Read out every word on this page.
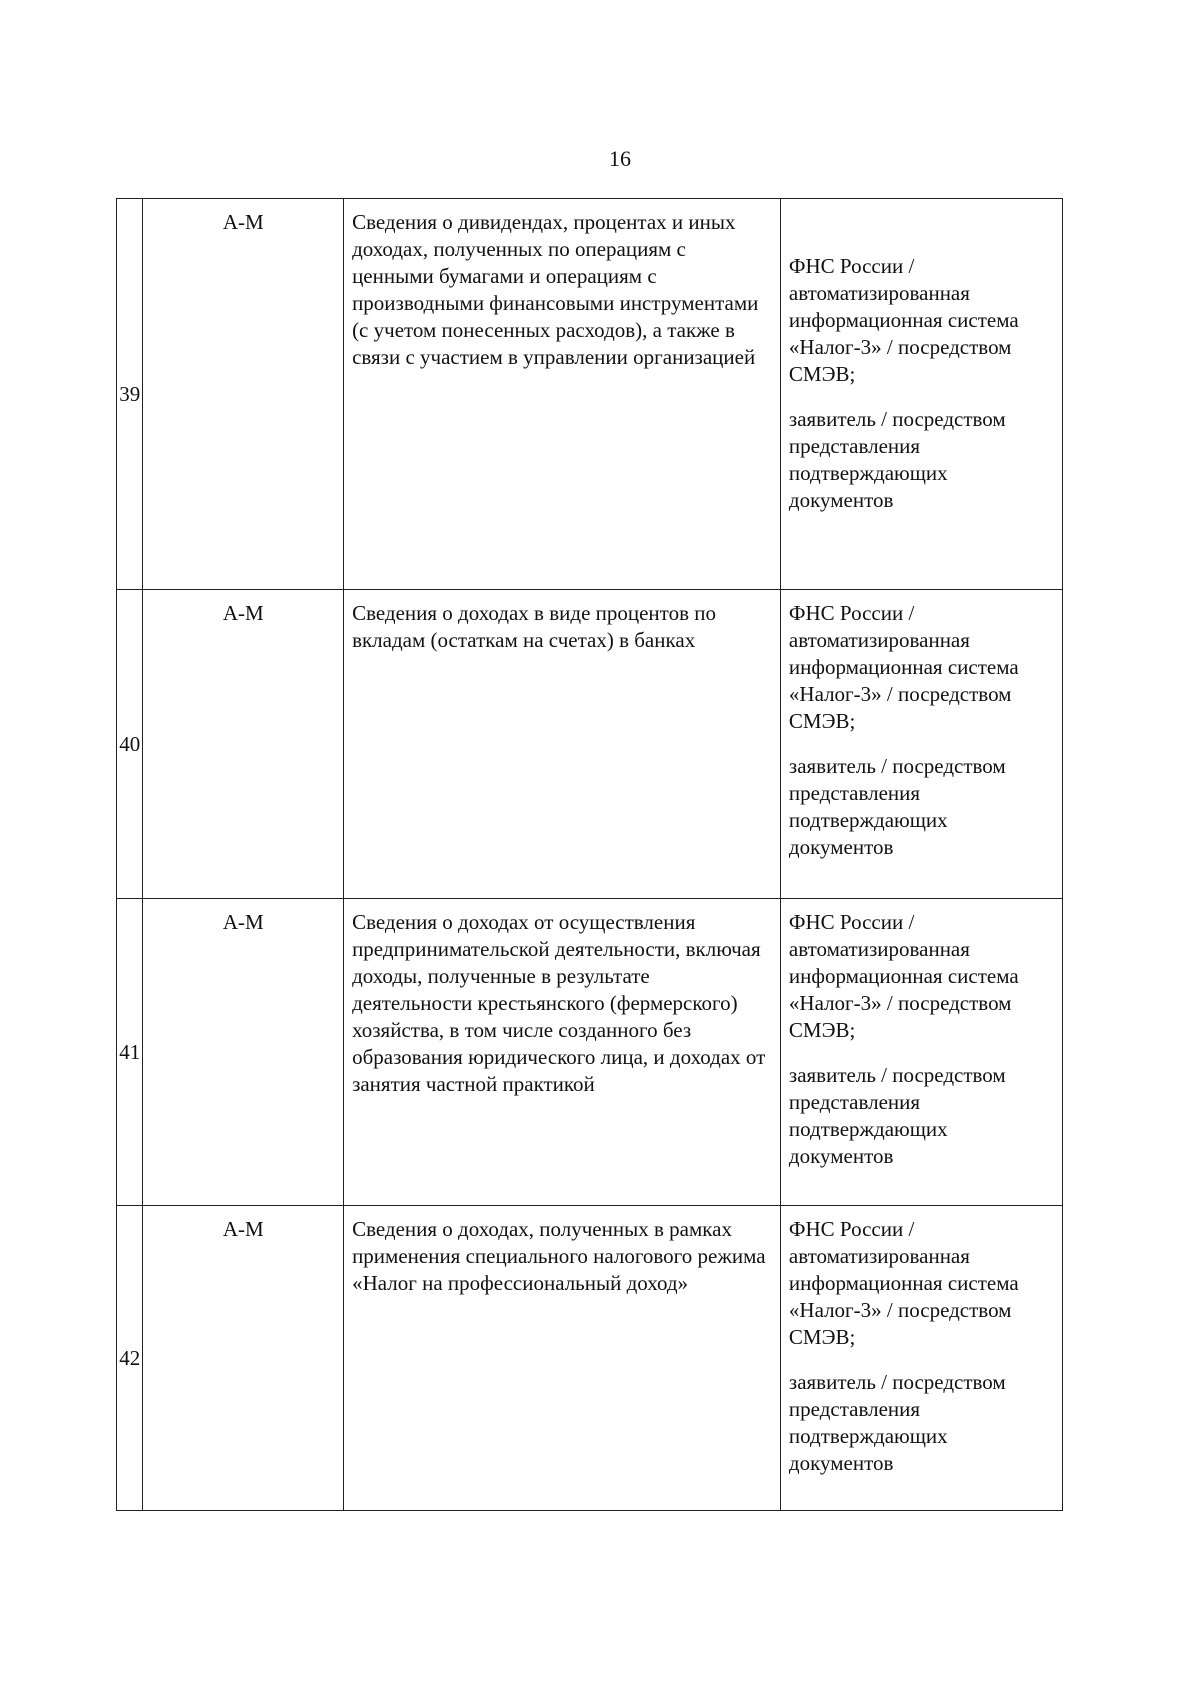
16
39	А-М	Сведения о дивидендах, процентах и иных доходах, полученных по операциям с ценными бумагами и операциям с производными финансовыми инструментами (с учетом понесенных расходов), а также в связи с участием в управлении организацией	ФНС России / автоматизированная информационная система «Налог-3» / посредством СМЭВ;

заявитель / посредством представления подтверждающих документов

40	А-М	Сведения о доходах в виде процентов по вкладам (остаткам на счетах) в банках	ФНС России / автоматизированная информационная система «Налог-3» / посредством СМЭВ;

заявитель / посредством представления подтверждающих документов

41	А-М	Сведения о доходах от осуществления предпринимательской деятельности, включая доходы, полученные в результате деятельности крестьянского (фермерского) хозяйства, в том числе созданного без образования юридического лица, и доходах от занятия частной практикой	ФНС России / автоматизированная информационная система «Налог-3» / посредством СМЭВ;

заявитель / посредством представления подтверждающих документов

42	А-М	Сведения о доходах, полученных в рамках применения специального налогового режима «Налог на профессиональный доход»	ФНС России / автоматизированная информационная система «Налог-3» / посредством СМЭВ;

заявитель / посредством представления подтверждающих документов
